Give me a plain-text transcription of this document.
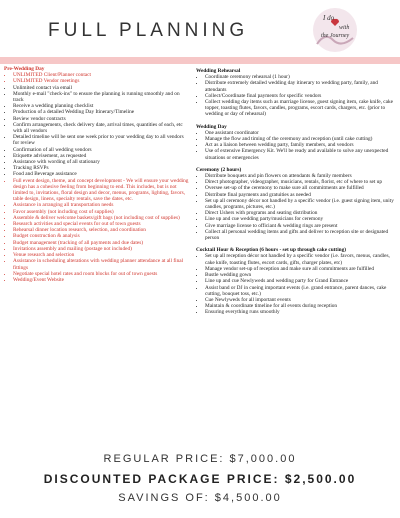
FULL PLANNING
I do
with
the Journey
Pre-Wedding Day
• UNLIMITED Client/Planner contact
• UNLIMITED Vendor meetings
• Unlimited contact via email
• Monthly e-mail "check-ins" to ensure the planning is running smoothly and on track
• Receive a wedding planning checklist
• Production of a detailed Wedding Day Itinerary/Timeline
• Review vendor contracts
• Confirm arrangements, check delivery date, arrival times, quantities of each, etc with all vendors
• Detailed timeline will be sent one week prior to your wedding day to all vendors for review
• Confirmation of all wedding vendors
• Etiquette advisement, as requested
• Assistance with wording of all stationary
• Tracking RSVPs
• Food and Beverage assistance
• Full event design, theme, and concept development - We will ensure your wedding design has a cohesive feeling from beginning to end. This includes, but is not limited to, invitations, floral design and decor, menus, programs, lighting, favors, table design, linens, specialty rentals, save the dates, etc.
• Assistance in arranging all transportation needs
• Favor assembly (not including cost of supplies)
• Assemble & deliver welcome baskets/gift bags (not including cost of supplies)
• Research activities and special events for out of town guests
• Rehearsal dinner location research, selection, and coordination
• Budget construction & analysis
• Budget management (tracking of all payments and due dates)
• Invitations assembly and mailing (postage not included)
• Venue research and selection
• Assistance in scheduling alterations with wedding planner attendance at all final fittings
• Negotiate special hotel rates and room blocks for out of town guests
• Wedding/Event Website
Wedding Rehearsal
• Coordinate ceremony rehearsal (1 hour)
• Distribute extremely detailed wedding day itinerary to wedding party, family, and attendants
• Collect/Coordinate final payments for specific vendors
• Collect wedding day items such as marriage license, guest signing item, cake knife, cake topper, toasting flutes, favors, candles, programs, escort cards, chargers, etc. (prior to wedding or day of rehearsal)
Wedding Day
• One assistant coordinator
• Manage the flow and timing of the ceremony and reception (until cake cutting)
• Act as a liaison between wedding party, family members, and vendors
• Use of extensive Emergency Kit. We'll be ready and available to solve any unexpected situations or emergencies
Ceremony (2 hours)
• Distribute bouquets and pin flowers on attendants & family members
• Direct photographer, videographer, musicians, rentals, florist, etc of where to set up
• Oversee set-up of the ceremony to make sure all commitments are fulfilled
• Distribute final payments and gratuities as needed
• Set up all ceremony décor not handled by a specific vendor (i.e. guest signing item, unity candles, programs, pictures, etc.)
• Direct Ushers with programs and seating distribution
• Line up and cue wedding party/musicians for ceremony
• Give marriage license to officiant & wedding rings are present
• Collect all personal wedding items and gifts and deliver to reception site or designated person
Cocktail Hour & Reception (6 hours - set up through cake cutting)
• Set up all reception décor not handled by a specific vendor (i.e. favors, menus, candles, cake knife, toasting flutes, escort cards, gifts, charger plates, etc)
• Manage vendor set-up of reception and make sure all commitments are fulfilled
• Bustle wedding gown
• Line up and cue Newlyweds and wedding party for Grand Entrance
• Assist band or DJ in cueing important events (i.e. grand entrance, parent dances, cake cutting, bouquet toss, etc.)
• Cue Newlyweds for all important events
• Maintain & coordinate timeline for all events during reception
• Ensuring everything runs smoothly
REGULAR PRICE: $7,000.00
DISCOUNTED PACKAGE PRICE: $2,500.00
SAVINGS OF: $4,500.00
